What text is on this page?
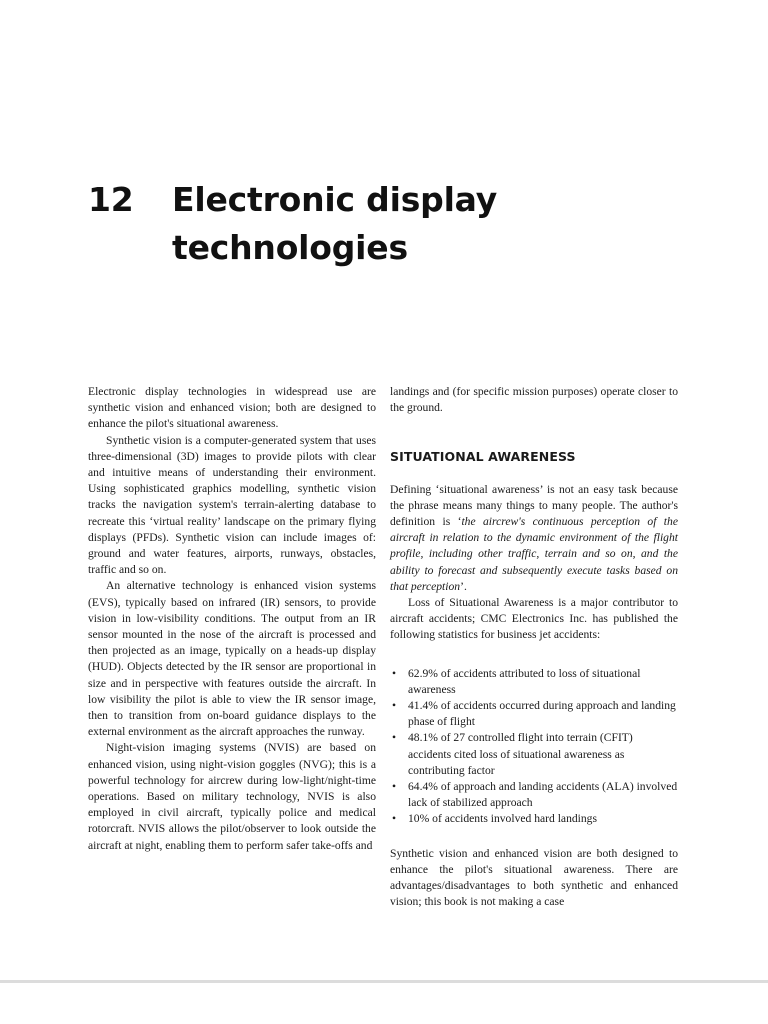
12	Electronic display technologies

Electronic display technologies in widespread use are synthetic vision and enhanced vision; both are designed to enhance the pilot's situational awareness.

Synthetic vision is a computer-generated system that uses three-dimensional (3D) images to provide pilots with clear and intuitive means of understanding their environment. Using sophisticated graphics modelling, synthetic vision tracks the navigation system's terrain-alerting database to recreate this ‘virtual reality’ landscape on the primary flying displays (PFDs). Synthetic vision can include images of: ground and water features, airports, runways, obstacles, traffic and so on.

An alternative technology is enhanced vision systems (EVS), typically based on infrared (IR) sensors, to provide vision in low-visibility conditions. The output from an IR sensor mounted in the nose of the aircraft is processed and then projected as an image, typically on a heads-up display (HUD). Objects detected by the IR sensor are proportional in size and in perspective with features outside the aircraft. In low visibility the pilot is able to view the IR sensor image, then to transition from on-board guidance displays to the external environment as the aircraft approaches the runway.

Night-vision imaging systems (NVIS) are based on enhanced vision, using night-vision goggles (NVG); this is a powerful technology for aircrew during low-light/night-time operations. Based on military technology, NVIS is also employed in civil aircraft, typically police and medical rotorcraft. NVIS allows the pilot/observer to look outside the aircraft at night, enabling them to perform safer take-offs and

landings and (for specific mission purposes) operate closer to the ground.

SITUATIONAL AWARENESS

Defining ‘situational awareness’ is not an easy task because the phrase means many things to many people. The author's definition is ‘the aircrew's continuous perception of the aircraft in relation to the dynamic environment of the flight profile, including other traffic, terrain and so on, and the ability to forecast and subsequently execute tasks based on that perception’.

Loss of Situational Awareness is a major contributor to aircraft accidents; CMC Electronics Inc. has published the following statistics for business jet accidents:

• 62.9% of accidents attributed to loss of situational awareness
• 41.4% of accidents occurred during approach and landing phase of flight
• 48.1% of 27 controlled flight into terrain (CFIT) accidents cited loss of situational awareness as contributing factor
• 64.4% of approach and landing accidents (ALA) involved lack of stabilized approach
• 10% of accidents involved hard landings

Synthetic vision and enhanced vision are both designed to enhance the pilot's situational awareness. There are advantages/disadvantages to both synthetic and enhanced vision; this book is not making a case
